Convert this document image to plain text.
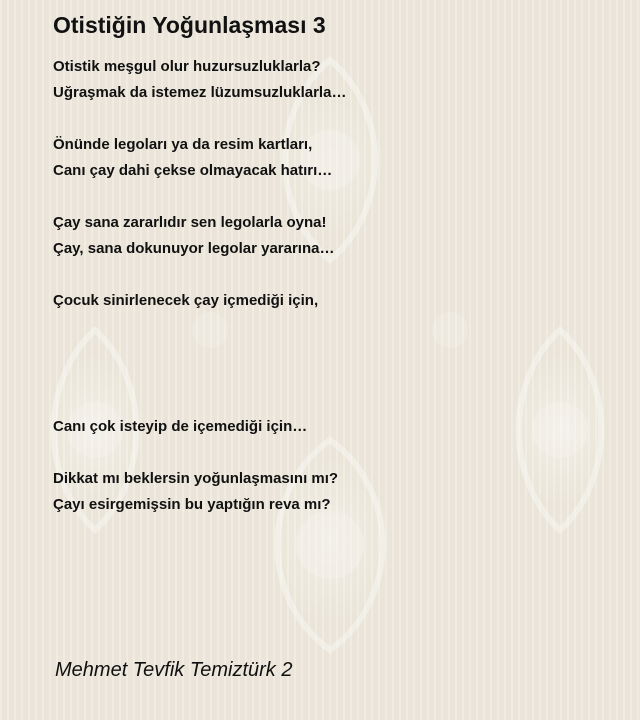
Otistiğin Yoğunlaşması 3
Otistik meşgul olur huzursuzluklarla?
Uğraşmak da istemez lüzumsuzluklarla…
Önünde legoları ya da resim kartları,
Canı çay dahi çekse olmayacak hatırı…
Çay sana zararlıdır sen legolarla oyna!
Çay, sana dokunuyor legolar yararına…
Çocuk sinirlenecek çay içmediği için,
Canı çok isteyip de içemediği için…
Dikkat mı beklersin yoğunlaşmasını mı?
Çayı esirgemişsin bu yaptığın reva mı?
Mehmet Tevfik Temiztürk 2
